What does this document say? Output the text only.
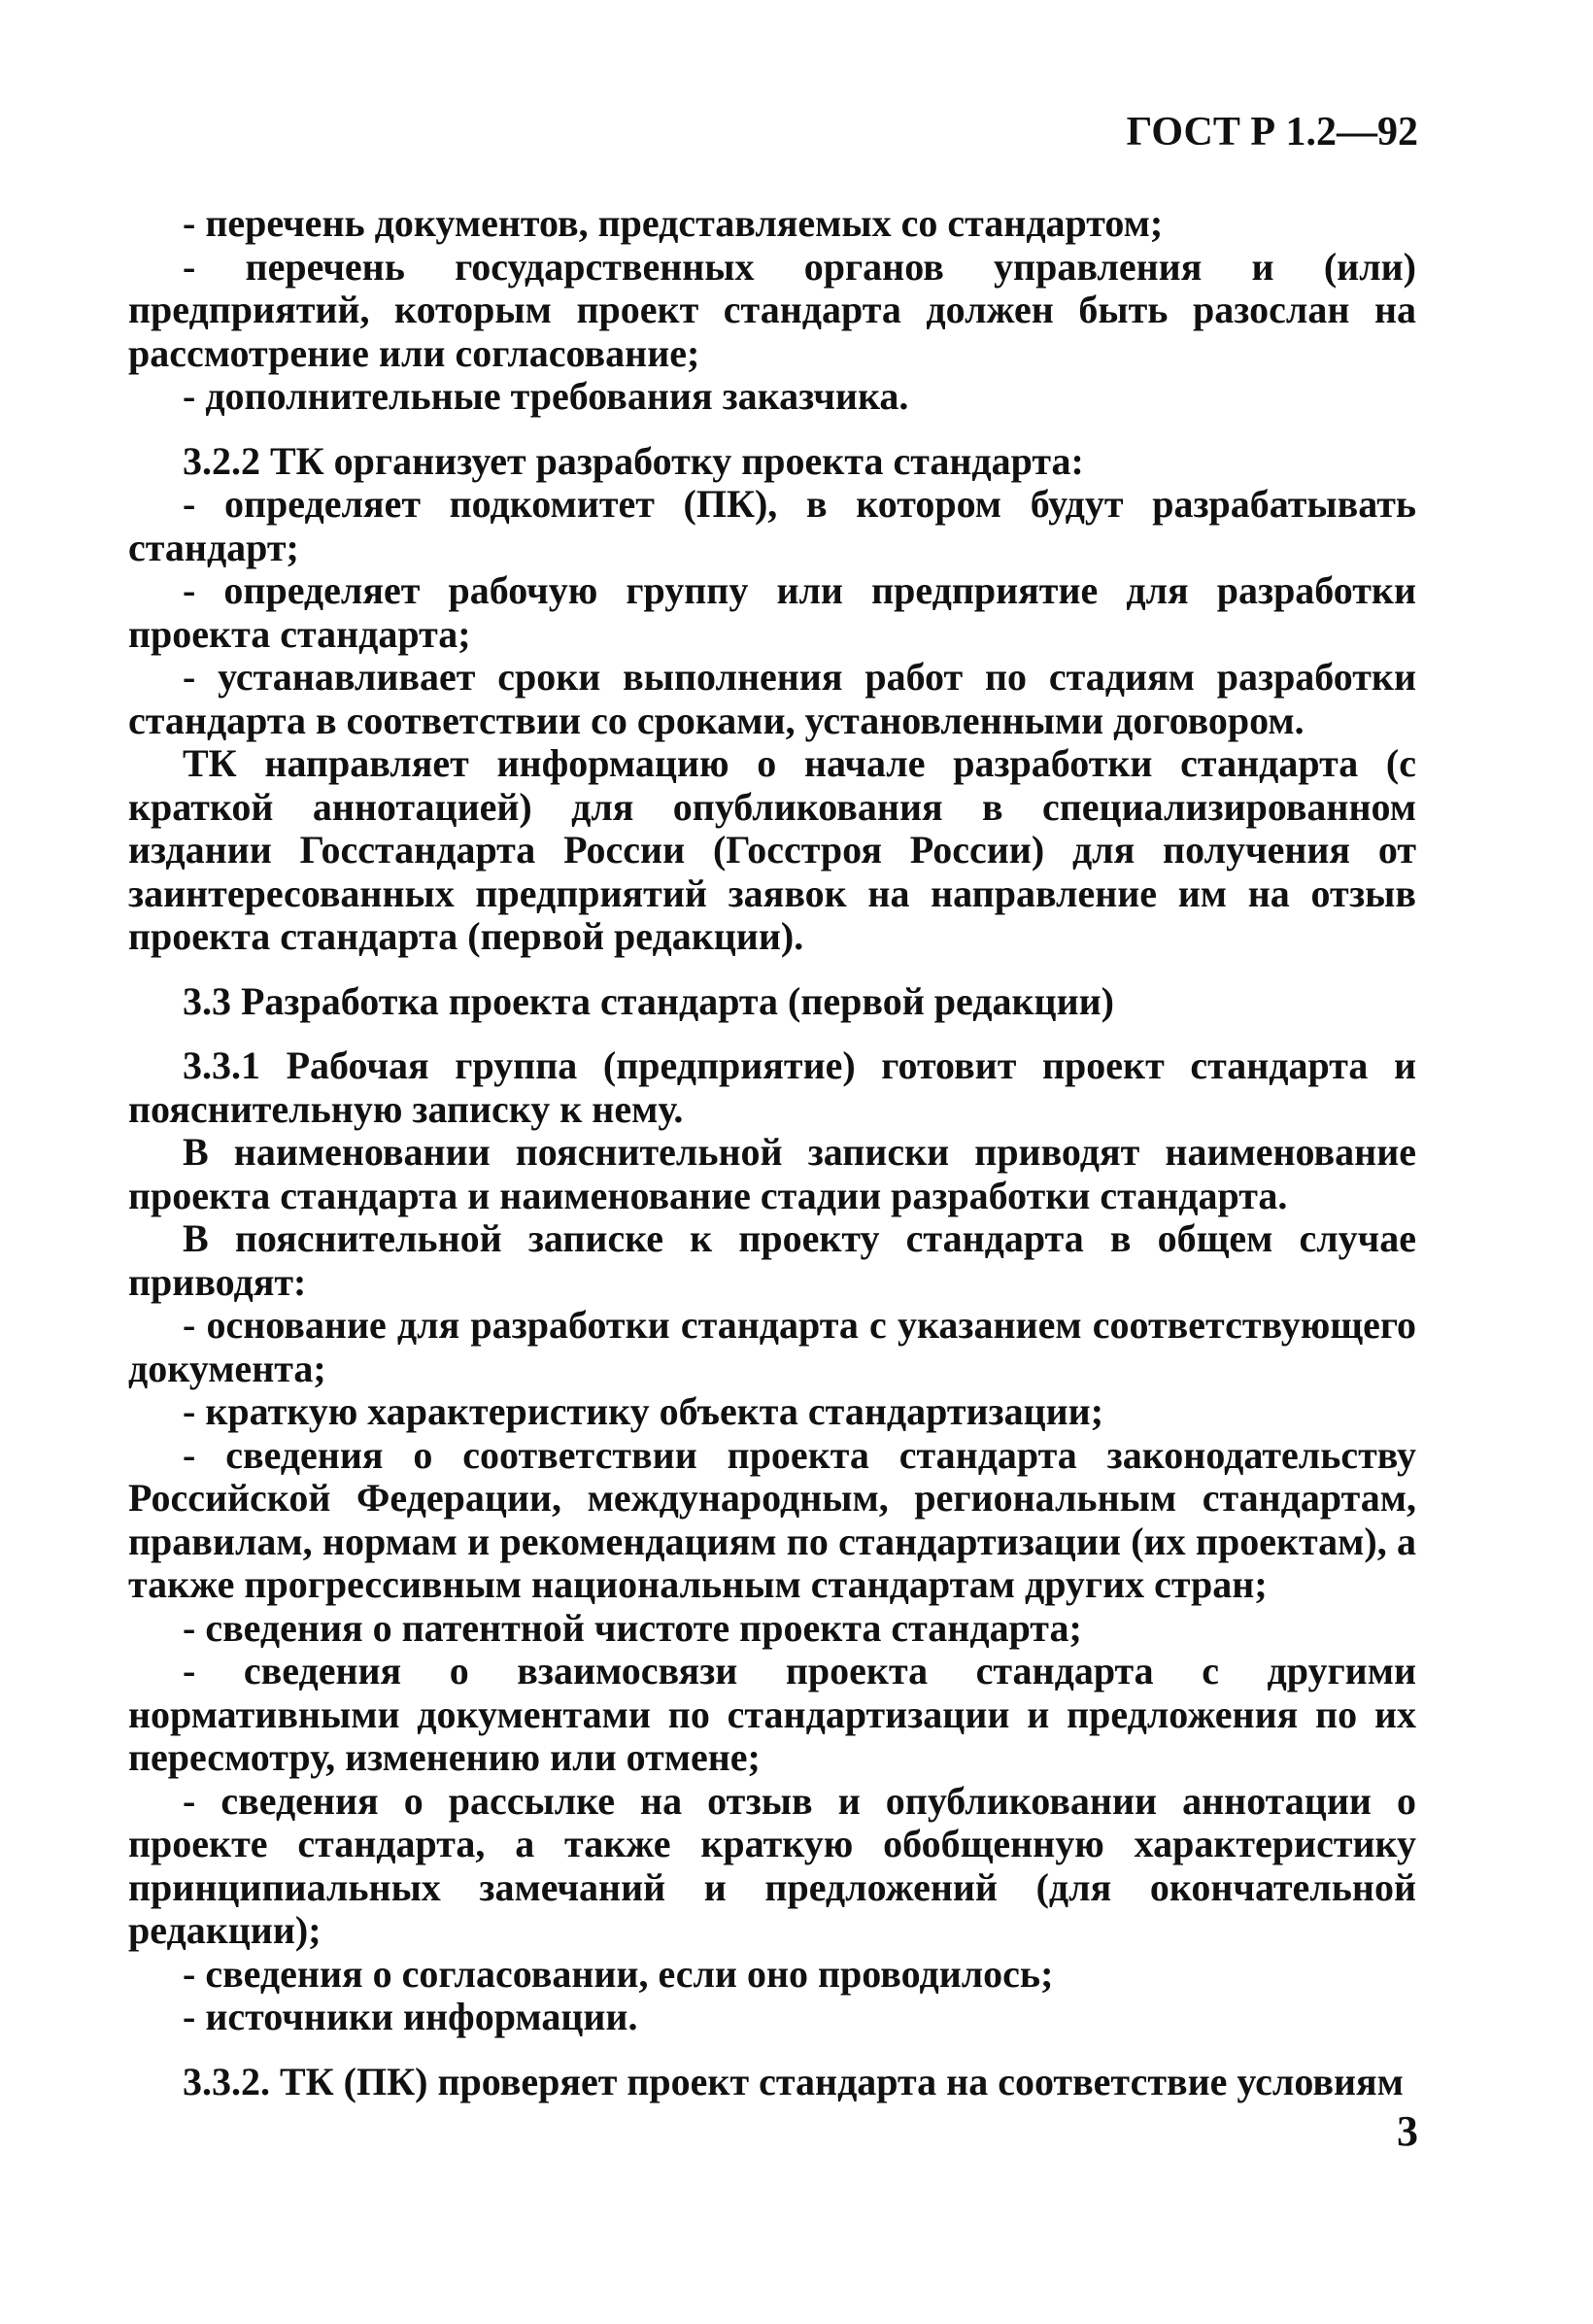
ГОСТ Р 1.2—92

- перечень документов, представляемых со стандартом;

- перечень государственных органов управления и (или) предприятий, которым проект стандарта должен быть разослан на рассмотрение или согласование;

- дополнительные требования заказчика.

3.2.2 ТК организует разработку проекта стандарта:

- определяет подкомитет (ПК), в котором будут разрабатывать стандарт;

- определяет рабочую группу или предприятие для разработки проекта стандарта;

- устанавливает сроки выполнения работ по стадиям разработки стандарта в соответствии со сроками, установленными договором.

ТК направляет информацию о начале разработки стандарта (с краткой аннотацией) для опубликования в специализированном издании Госстандарта России (Госстроя России) для получения от заинтересованных предприятий заявок на направление им на отзыв проекта стандарта (первой редакции).

3.3 Разработка проекта стандарта (первой редакции)

3.3.1 Рабочая группа (предприятие) готовит проект стандарта и пояснительную записку к нему.

В наименовании пояснительной записки приводят наименование проекта стандарта и наименование стадии разработки стандарта.

В пояснительной записке к проекту стандарта в общем случае приводят:

- основание для разработки стандарта с указанием соответствующего документа;

- краткую характеристику объекта стандартизации;

- сведения о соответствии проекта стандарта законодательству Российской Федерации, международным, региональным стандартам, правилам, нормам и рекомендациям по стандартизации (их проектам), а также прогрессивным национальным стандартам других стран;

- сведения о патентной чистоте проекта стандарта;

- сведения о взаимосвязи проекта стандарта с другими нормативными документами по стандартизации и предложения по их пересмотру, изменению или отмене;

- сведения о рассылке на отзыв и опубликовании аннотации о проекте стандарта, а также краткую обобщенную характеристику принципиальных замечаний и предложений (для окончательной редакции);

- сведения о согласовании, если оно проводилось;

- источники информации.

3.3.2. ТК (ПК) проверяет проект стандарта на соответствие условиям

3
